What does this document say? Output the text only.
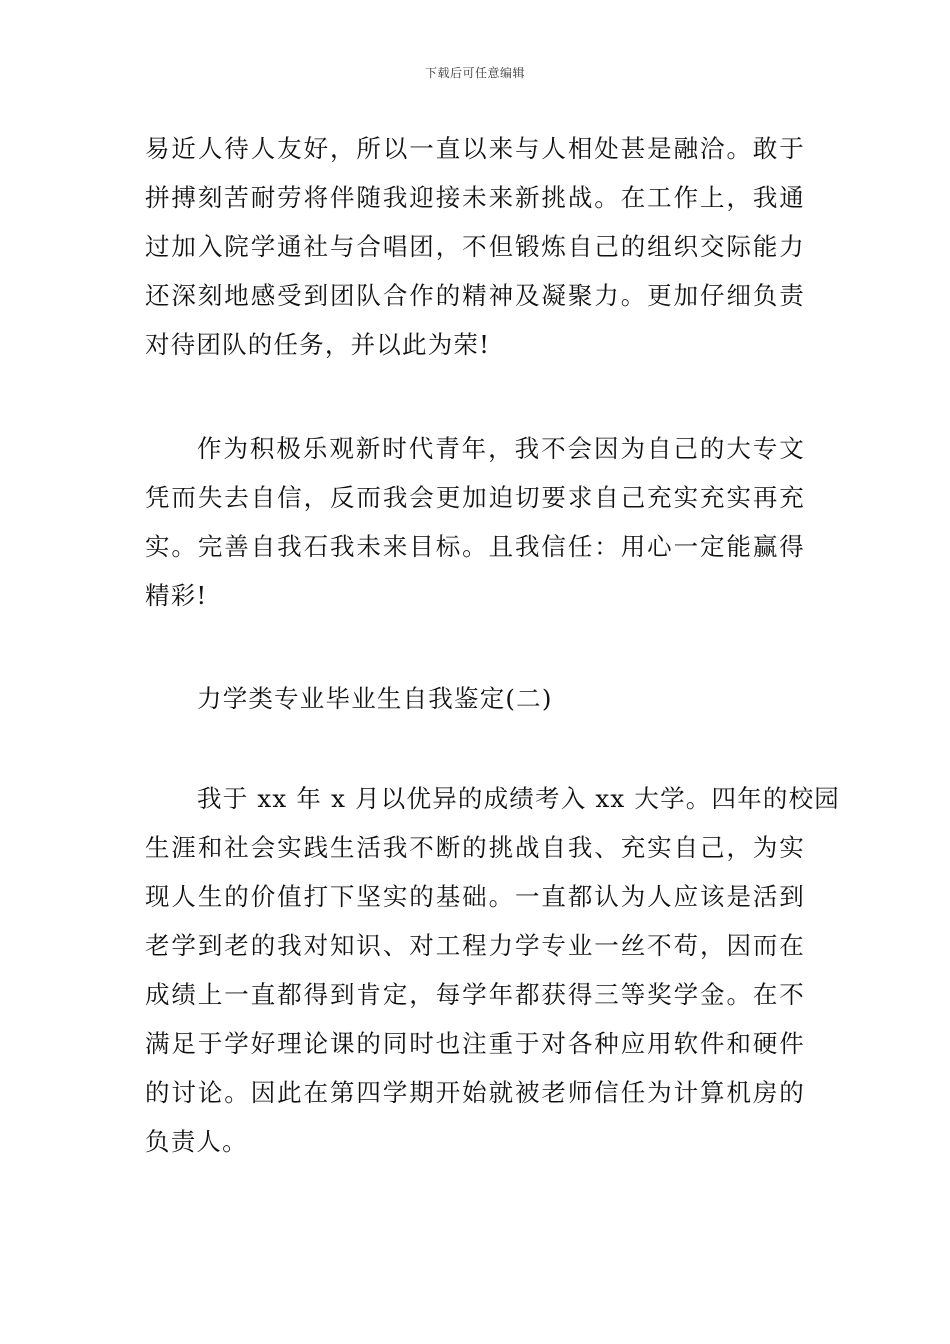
下载后可任意编辑
易近人待人友好，所以一直以来与人相处甚是融洽。敢于
拼搏刻苦耐劳将伴随我迎接未来新挑战。在工作上，我通
过加入院学通社与合唱团，不但锻炼自己的组织交际能力
还深刻地感受到团队合作的精神及凝聚力。更加仔细负责
对待团队的任务，并以此为荣!
作为积极乐观新时代青年，我不会因为自己的大专文
凭而失去自信，反而我会更加迫切要求自己充实充实再充
实。完善自我石我未来目标。且我信任：用心一定能赢得
精彩!
力学类专业毕业生自我鉴定(二)
我于 xx 年 x 月以优异的成绩考入 xx 大学。四年的校园
生涯和社会实践生活我不断的挑战自我、充实自己，为实
现人生的价值打下坚实的基础。一直都认为人应该是活到
老学到老的我对知识、对工程力学专业一丝不苟，因而在
成绩上一直都得到肯定，每学年都获得三等奖学金。在不
满足于学好理论课的同时也注重于对各种应用软件和硬件
的讨论。因此在第四学期开始就被老师信任为计算机房的
负责人。
